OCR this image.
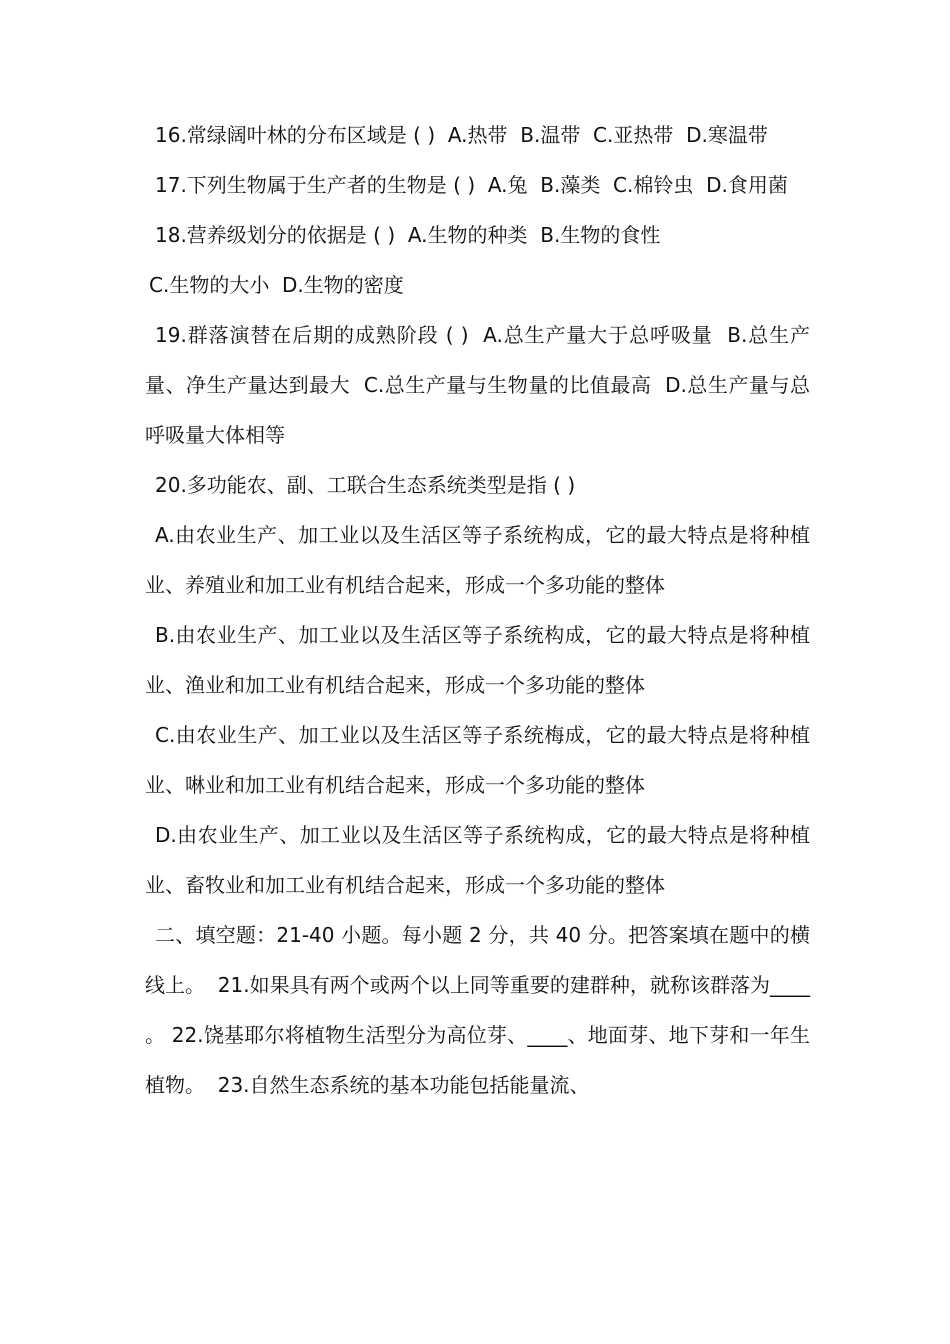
16.常绿阔叶林的分布区域是 ( )  A.热带  B.温带  C.亚热带  D.寒温带

17.下列生物属于生产者的生物是 ( )  A.兔  B.藻类  C.棉铃虫  D.食用菌

18.营养级划分的依据是 ( )  A.生物的种类  B.生物的食性

C.生物的大小  D.生物的密度

19.群落演替在后期的成熟阶段 ( )  A.总生产量大于总呼吸量  B.总生产量、净生产量达到最大  C.总生产量与生物量的比值最高  D.总生产量与总呼吸量大体相等

20.多功能农、副、工联合生态系统类型是指 ( )

A.由农业生产、加工业以及生活区等子系统构成，它的最大特点是将种植业、养殖业和加工业有机结合起来，形成一个多功能的整体

B.由农业生产、加工业以及生活区等子系统构成，它的最大特点是将种植业、渔业和加工业有机结合起来，形成一个多功能的整体

C.由农业生产、加工业以及生活区等子系统梅成，它的最大特点是将种植业、啉业和加工业有机结合起来，形成一个多功能的整体

D.由农业生产、加工业以及生活区等子系统构成，它的最大特点是将种植业、畜牧业和加工业有机结合起来，形成一个多功能的整体

二、填空题：21-40 小题。每小题 2 分，共 40 分。把答案填在题中的横线上。  21.如果具有两个或两个以上同等重要的建群种，就称该群落为____ 。 22.饶基耶尔将植物生活型分为高位芽、____、地面芽、地下芽和一年生植物。  23.自然生态系统的基本功能包括能量流、
